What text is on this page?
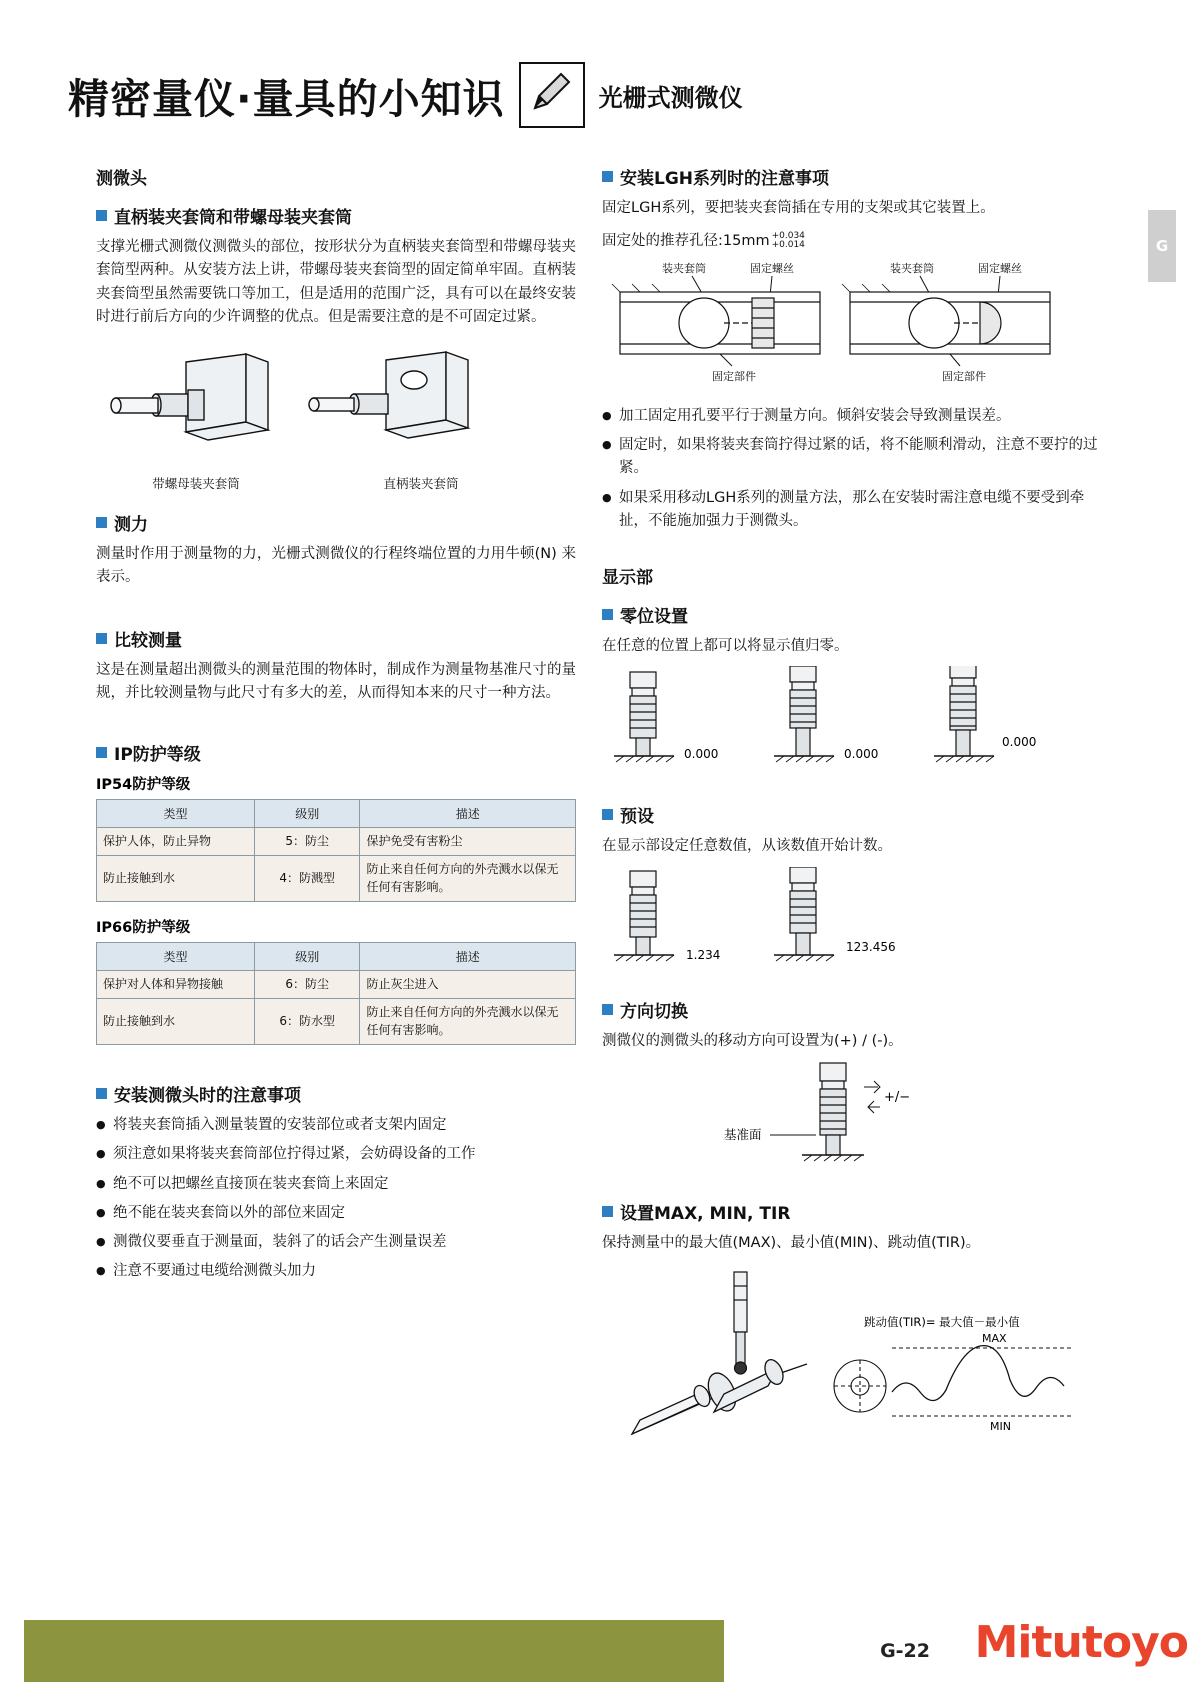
精密量仪·量具的小知识	光栅式测微仪
G
测微头
直柄装夹套筒和带螺母装夹套筒

支撑光栅式测微仪测微头的部位，按形状分为直柄装夹套筒型和带螺母装夹套筒型两种。从安装方法上讲，带螺母装夹套筒型的固定简单牢固。直柄装夹套筒型虽然需要铣口等加工，但是适用的范围广泛，具有可以在最终安装时进行前后方向的少许调整的优点。但是需要注意的是不可固定过紧。

带螺母装夹套筒	直柄装夹套筒
测力

测量时作用于测量物的力，光栅式测微仪的行程终端位置的力用牛顿(N) 来表示。

比较测量

这是在测量超出测微头的测量范围的物体时，制成作为测量物基准尺寸的量规，并比较测量物与此尺寸有多大的差，从而得知本来的尺寸一种方法。

IP防护等级
IP54防护等级
类型	级别	描述
保护人体，防止异物	5：防尘	保护免受有害粉尘
防止接触到水	4：防溅型	防止来自任何方向的外壳溅水以保无任何有害影响。
IP66防护等级
类型	级别	描述
保护对人体和异物接触	6：防尘	防止灰尘进入
防止接触到水	6：防水型	防止来自任何方向的外壳溅水以保无任何有害影响。
安装测微头时的注意事项
● 将装夹套筒插入测量装置的安装部位或者支架内固定
● 须注意如果将装夹套筒部位拧得过紧，会妨碍设备的工作
● 绝不可以把螺丝直接顶在装夹套筒上来固定
● 绝不能在装夹套筒以外的部位来固定
● 测微仪要垂直于测量面，装斜了的话会产生测量误差
● 注意不要通过电缆给测微头加力
安装LGH系列时的注意事项

固定LGH系列，要把装夹套筒插在专用的支架或其它装置上。

固定处的推荐孔径:15mm +0.034
+0.014

装夹套筒	固定螺丝	装夹套筒	固定螺丝
固定部件	固定部件
● 加工固定用孔要平行于测量方向。倾斜安装会导致测量误差。
● 固定时，如果将装夹套筒拧得过紧的话，将不能顺利滑动，注意不要拧的过紧。
● 如果采用移动LGH系列的测量方法，那么在安装时需注意电缆不要受到牵扯，不能施加强力于测微头。
显示部
零位设置

在任意的位置上都可以将显示值归零。

0.000	0.000
0.000
预设

在显示部设定任意数值，从该数值开始计数。

1.234
123.456
方向切换

测微仪的测微头的移动方向可设置为(+) / (-)。

+/−
基准面
设置MAX, MIN, TIR

保持测量中的最大值(MAX)、最小值(MIN)、跳动值(TIR)。

跳动值(TIR)= 最大值－最小值
MAX
MIN
G-22 Mitutoyo
